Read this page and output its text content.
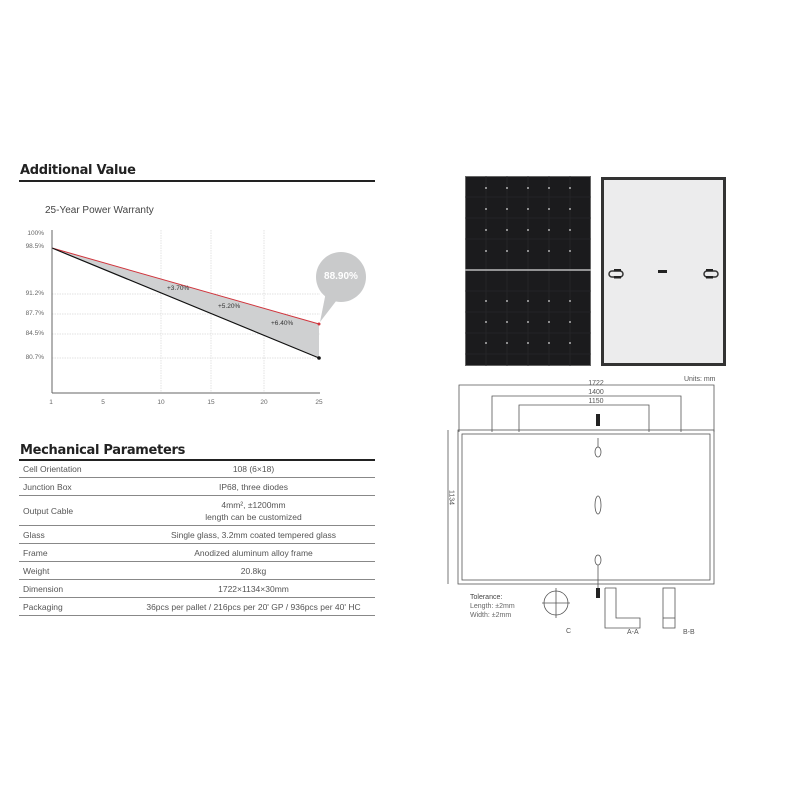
Additional Value
25-Year Power Warranty
100%
98.5%
91.2%
87.7%
84.5%
80.7%
1	5	10	15	20	25
+3.70%
+5.20%
+6.40%
88.90%
Mechanical Parameters
Cell Orientation	108 (6×18)
Junction Box	IP68, three diodes
Output Cable	4mm², ±1200mm
length can be customized

Glass	Single glass, 3.2mm coated tempered glass
Frame	Anodized aluminum alloy frame
Weight	20.8kg
Dimension	1722×1134×30mm
Packaging	36pcs per pallet / 216pcs per 20' GP / 936pcs per 40' HC
Units: mm
1722
1400
1150
1134
Tolerance:
Length: ±2mm
Width: ±2mm
C	A-A	B-B
